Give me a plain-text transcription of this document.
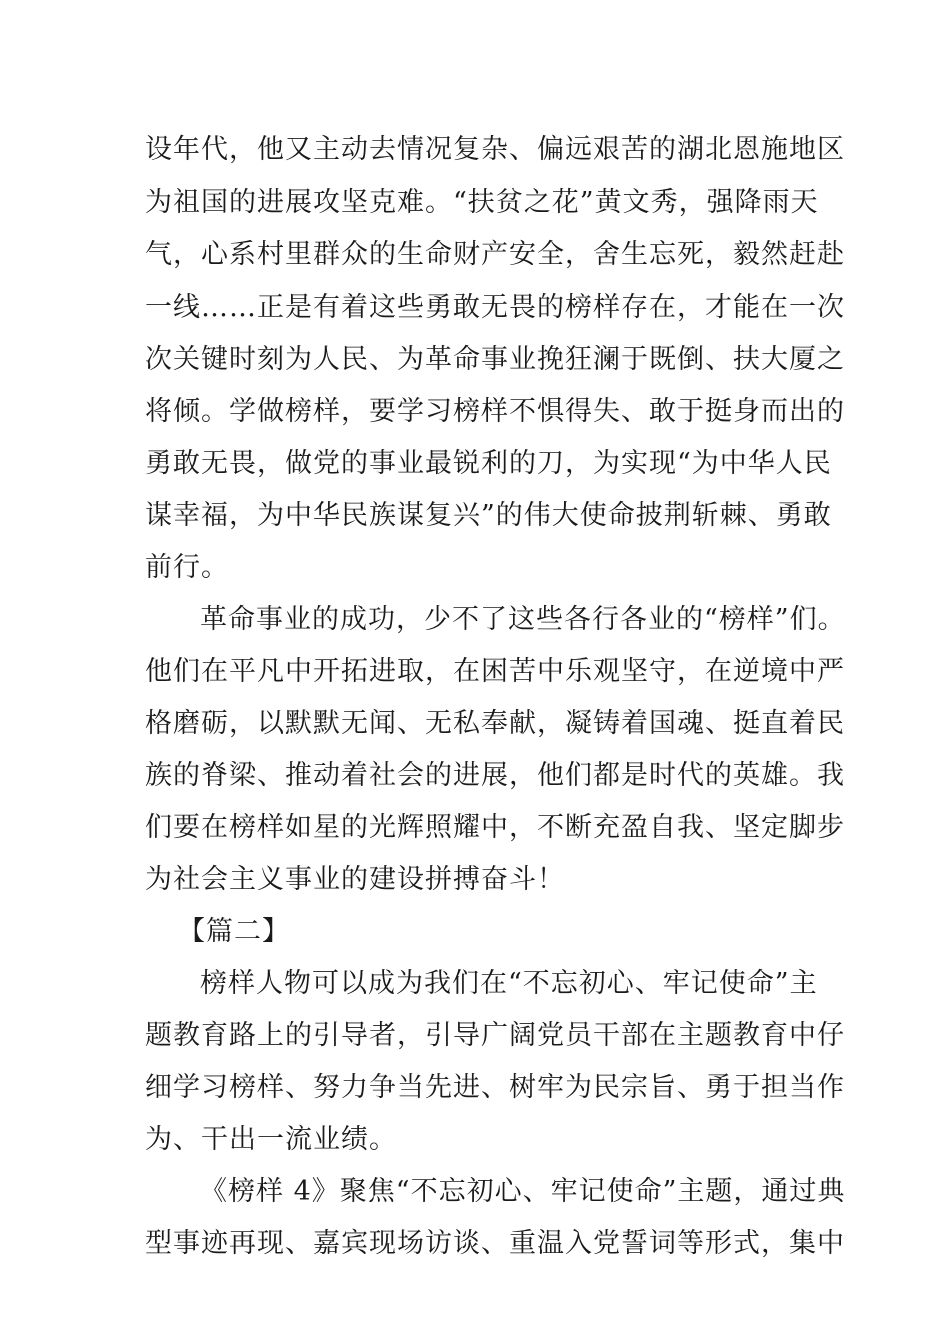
设年代，他又主动去情况复杂、偏远艰苦的湖北恩施地区
为祖国的进展攻坚克难。“扶贫之花”黄文秀，强降雨天
气，心系村里群众的生命财产安全，舍生忘死，毅然赶赴
一线……正是有着这些勇敢无畏的榜样存在，才能在一次
次关键时刻为人民、为革命事业挽狂澜于既倒、扶大厦之
将倾。学做榜样，要学习榜样不惧得失、敢于挺身而出的
勇敢无畏，做党的事业最锐利的刀，为实现“为中华人民
谋幸福，为中华民族谋复兴”的伟大使命披荆斩棘、勇敢
前行。
革命事业的成功，少不了这些各行各业的“榜样”们。
他们在平凡中开拓进取，在困苦中乐观坚守，在逆境中严
格磨砺，以默默无闻、无私奉献，凝铸着国魂、挺直着民
族的脊梁、推动着社会的进展，他们都是时代的英雄。我
们要在榜样如星的光辉照耀中，不断充盈自我、坚定脚步
为社会主义事业的建设拼搏奋斗！
【篇二】
榜样人物可以成为我们在“不忘初心、牢记使命”主
题教育路上的引导者，引导广阔党员干部在主题教育中仔
细学习榜样、努力争当先进、树牢为民宗旨、勇于担当作
为、干出一流业绩。
《榜样 4》聚焦“不忘初心、牢记使命”主题，通过典
型事迹再现、嘉宾现场访谈、重温入党誓词等形式，集中
